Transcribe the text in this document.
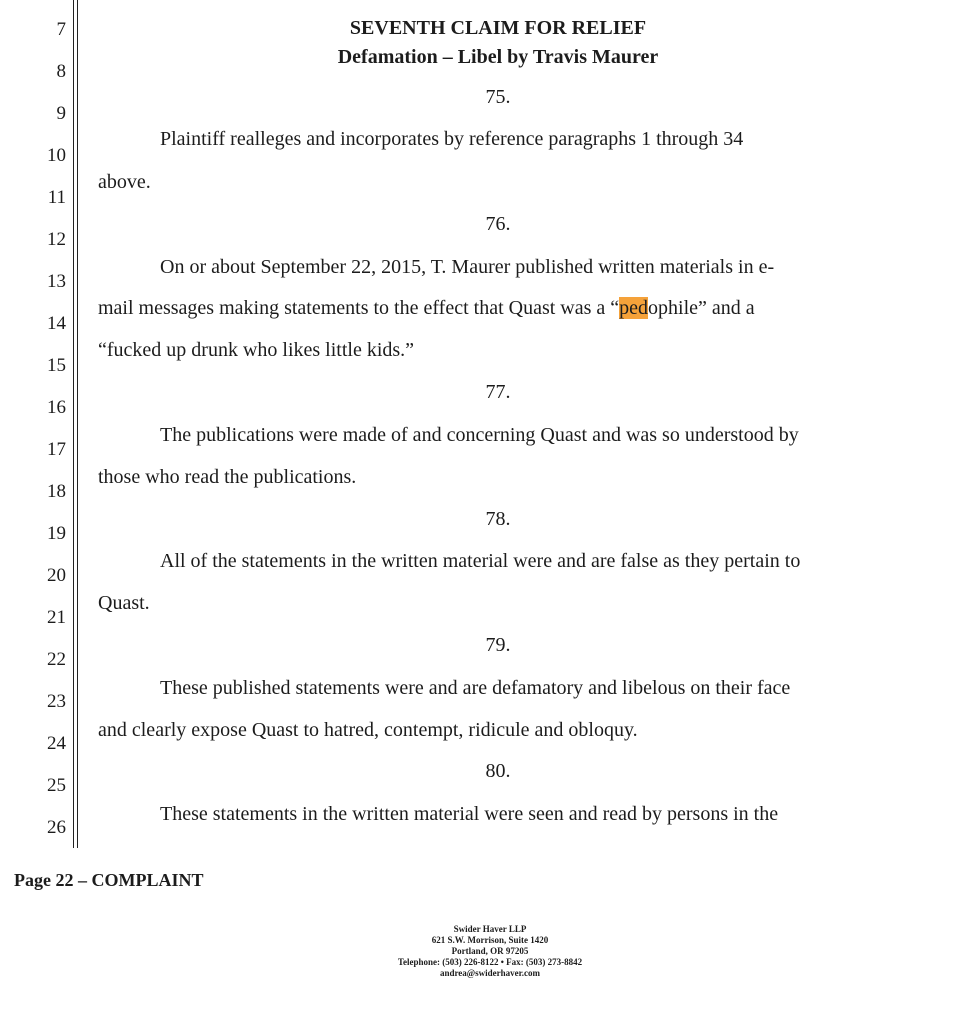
7
8
9
10
11
12
13
14
15
16
17
18
19
20
21
22
23
24
25
26
SEVENTH CLAIM FOR RELIEF
Defamation – Libel by Travis Maurer
75.
Plaintiff realleges and incorporates by reference paragraphs 1 through 34
above.
76.
On or about September 22, 2015, T. Maurer published written materials in e-
mail messages making statements to the effect that Quast was a “pedophile” and a
“fucked up drunk who likes little kids.”
77.
The publications were made of and concerning Quast and was so understood by
those who read the publications.
78.
All of the statements in the written material were and are false as they pertain to
Quast.
79.
These published statements were and are defamatory and libelous on their face
and clearly expose Quast to hatred, contempt, ridicule and obloquy.
80.
These statements in the written material were seen and read by persons in the
Page 22 – COMPLAINT
Swider Haver LLP
621 S.W. Morrison, Suite 1420
Portland, OR 97205
Telephone: (503) 226-8122 • Fax: (503) 273-8842
andrea@swiderhaver.com
